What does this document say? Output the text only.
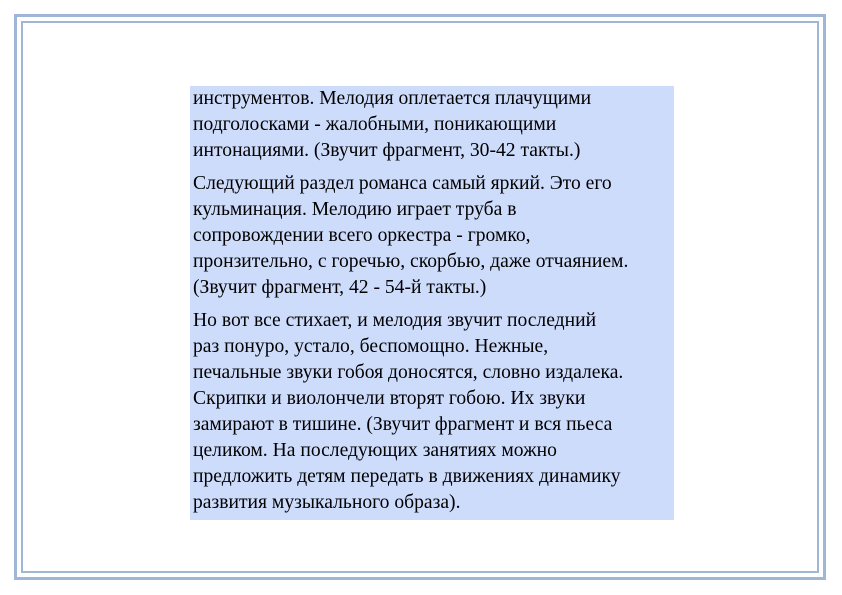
инструментов. Мелодия оплетается плачущими
подголосками - жалобными, поникающими
интонациями. (Звучит фрагмент, 30-42 такты.)

Следующий раздел романса самый яркий. Это его
кульминация. Мелодию играет труба в
сопровождении всего оркестра - громко,
пронзительно, с горечью, скорбью, даже отчаянием.
(Звучит фрагмент, 42 - 54-й такты.)

Но вот все стихает, и мелодия звучит последний
раз понуро, устало, беспомощно. Нежные,
печальные звуки гобоя доносятся, словно издалека.
Скрипки и виолончели вторят гобою. Их звуки
замирают в тишине. (Звучит фрагмент и вся пьеса
целиком. На последующих занятиях можно
предложить детям передать в движениях динамику
развития музыкального образа).
